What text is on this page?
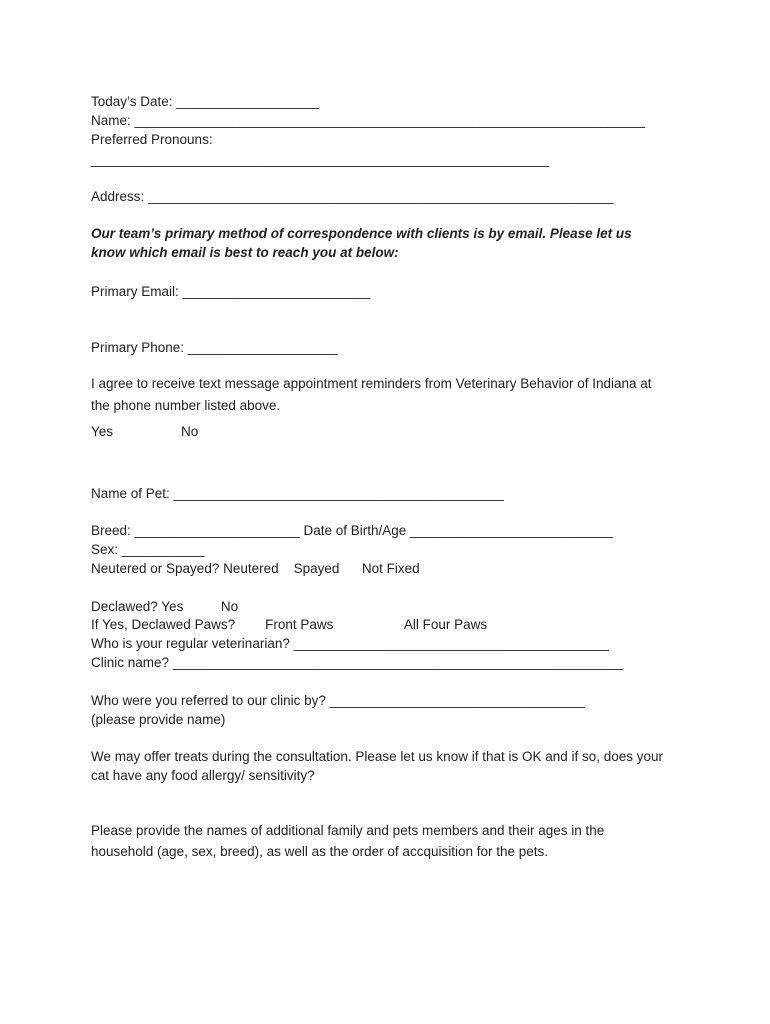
Today’s Date: ___________________

Name: ____________________________________________________________________

Preferred Pronouns:

_____________________________________________________________

Address: ______________________________________________________________

Our team’s primary method of correspondence with clients is by email. Please let us

know which email is best to reach you at below:

Primary Email: _________________________

Primary Phone: ____________________

I agree to receive text message appointment reminders from Veterinary Behavior of Indiana at

the phone number listed above.

Yes	No

Name of Pet: ____________________________________________

Breed: ______________________ Date of Birth/Age ___________________________

Sex: ___________

Neutered or Spayed? Neutered    Spayed      Not Fixed

Declawed? Yes          No

If Yes, Declawed Paws?        Front Paws                   All Four Paws

Who is your regular veterinarian? __________________________________________

Clinic name? ____________________________________________________________

Who were you referred to our clinic by? __________________________________

(please provide name)

We may offer treats during the consultation. Please let us know if that is OK and if so, does your

cat have any food allergy/ sensitivity?

Please provide the names of additional family and pets members and their ages in the

household (age, sex, breed), as well as the order of accquisition for the pets.
